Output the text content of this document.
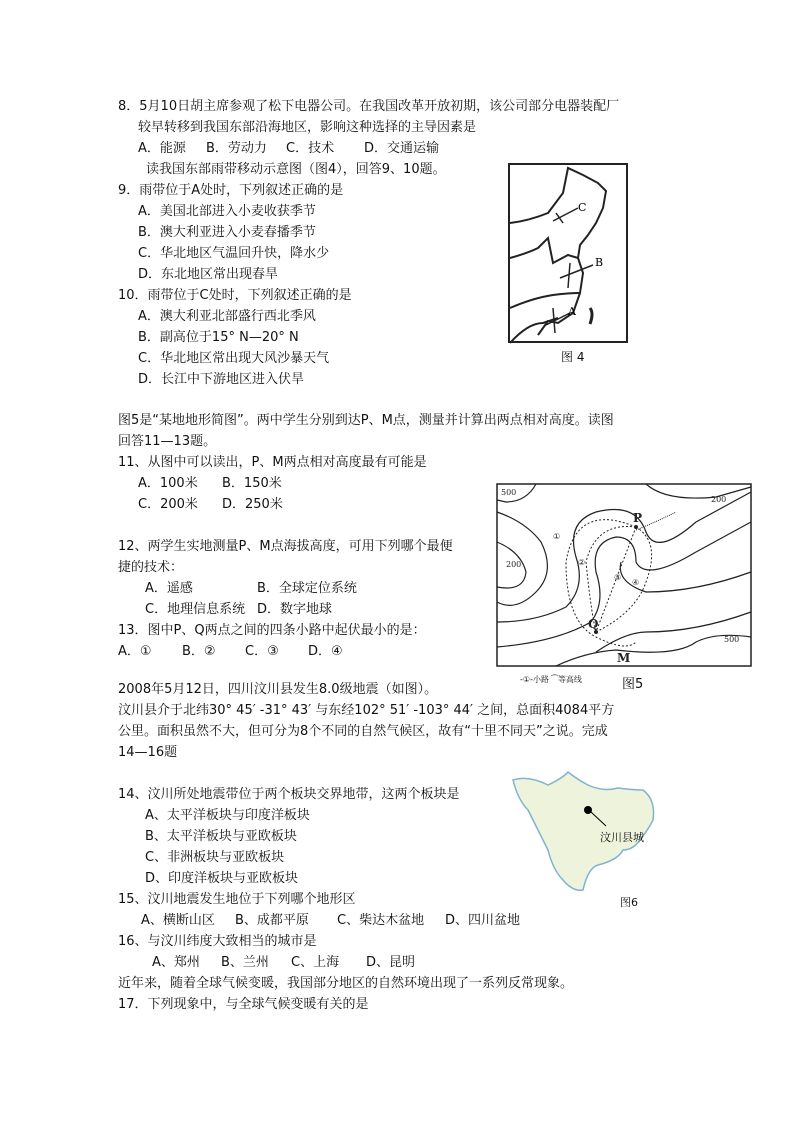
8．5月10日胡主席参观了松下电器公司。在我国改革开放初期，该公司部分电器装配厂
较早转移到我国东部沿海地区，影响这种选择的主导因素是
A．能源 B．劳动力 C．技术 D．交通运输
读我国东部雨带移动示意图（图4），回答9、10题。
9．雨带位于A处时，下列叙述正确的是
A．美国北部进入小麦收获季节
B．澳大利亚进入小麦春播季节
C．华北地区气温回升快，降水少
D．东北地区常出现春旱
10．雨带位于C处时，下列叙述正确的是
A．澳大利亚北部盛行西北季风
B．副高位于15° N—20° N
C．华北地区常出现大风沙暴天气
D．长江中下游地区进入伏旱
C
B
A
图 4
图5是“某地地形简图”。两中学生分别到达P、M点，测量并计算出两点相对高度。读图
回答11—13题。
11、从图中可以读出，P、M两点相对高度最有可能是
A．100米 B．150米
C．200米 D．250米
12、两学生实地测量P、M点海拔高度，可用下列哪个最便
捷的技术：
A．遥感	B．全球定位系统
C．地理信息系统 D．数字地球
13．图中P、Q两点之间的四条小路中起伏最小的是：
A．① B．② C．③ D．④
500
200
200
500
①
②
③
④
P
Q
M
-①-小路 ⁀等高线	图5
2008年5月12日，四川汶川县发生8.0级地震（如图）。
汶川县介于北纬30° 45′ -31° 43′ 与东经102° 51′ -103° 44′ 之间，总面积4084平方
公里。面积虽然不大，但可分为8个不同的自然气候区，故有“十里不同天”之说。完成
14—16题
14、汶川所处地震带位于两个板块交界地带，这两个板块是
A、太平洋板块与印度洋板块
B、太平洋板块与亚欧板块
C、非洲板块与亚欧板块
D、印度洋板块与亚欧板块
汶川县城
图6
15、汶川地震发生地位于下列哪个地形区
A、横断山区 B、成都平原 C、柴达木盆地 D、四川盆地
16、与汶川纬度大致相当的城市是
A、郑州 B、兰州 C、上海 D、昆明
近年来，随着全球气候变暖，我国部分地区的自然环境出现了一系列反常现象。
17．下列现象中，与全球气候变暖有关的是
